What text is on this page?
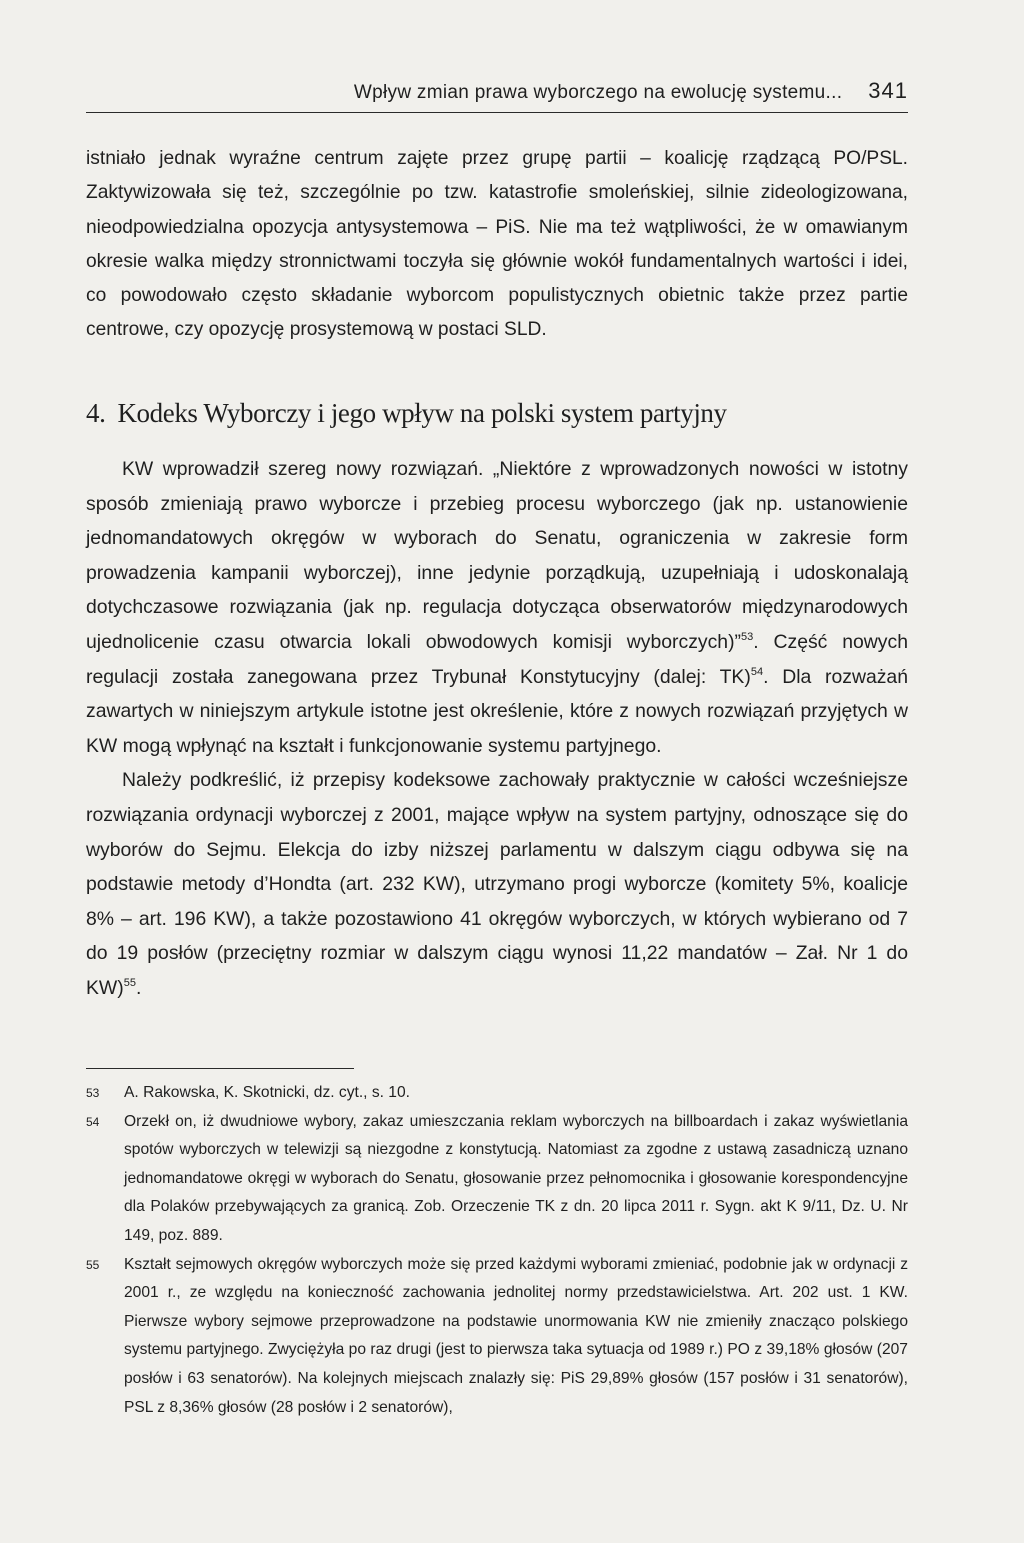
Wpływ zmian prawa wyborczego na ewolucję systemu... 341

istniało jednak wyraźne centrum zajęte przez grupę partii – koalicję rządzącą PO/PSL. Zaktywizowała się też, szczególnie po tzw. katastrofie smoleńskiej, silnie zideologizowana, nieodpowiedzialna opozycja antysystemowa – PiS. Nie ma też wątpliwości, że w omawianym okresie walka między stronnictwami toczyła się głównie wokół fundamentalnych wartości i idei, co powodowało często składanie wyborcom populistycznych obietnic także przez partie centrowe, czy opozycję prosystemową w postaci SLD.

4. Kodeks Wyborczy i jego wpływ na polski system partyjny

KW wprowadził szereg nowy rozwiązań. „Niektóre z wprowadzonych nowości w istotny sposób zmieniają prawo wyborcze i przebieg procesu wyborczego (jak np. ustanowienie jednomandatowych okręgów w wyborach do Senatu, ograniczenia w zakresie form prowadzenia kampanii wyborczej), inne jedynie porządkują, uzupełniają i udoskonalają dotychczasowe rozwiązania (jak np. regulacja dotycząca obserwatorów międzynarodowych ujednolicenie czasu otwarcia lokali obwodowych komisji wyborczych)”$^{53}$. Część nowych regulacji została zanegowana przez Trybunał Konstytucyjny (dalej: TK)$^{54}$. Dla rozważań zawartych w niniejszym artykule istotne jest określenie, które z nowych rozwiązań przyjętych w KW mogą wpłynąć na kształt i funkcjonowanie systemu partyjnego.

Należy podkreślić, iż przepisy kodeksowe zachowały praktycznie w całości wcześniejsze rozwiązania ordynacji wyborczej z 2001, mające wpływ na system partyjny, odnoszące się do wyborów do Sejmu. Elekcja do izby niższej parlamentu w dalszym ciągu odbywa się na podstawie metody d’Hondta (art. 232 KW), utrzymano progi wyborcze (komitety 5%, koalicje 8% – art. 196 KW), a także pozostawiono 41 okręgów wyborczych, w których wybierano od 7 do 19 posłów (przeciętny rozmiar w dalszym ciągu wynosi 11,22 mandatów – Zał. Nr 1 do KW)$^{55}$.

53 A. Rakowska, K. Skotnicki, dz. cyt., s. 10.

54 Orzekł on, iż dwudniowe wybory, zakaz umieszczania reklam wyborczych na billboardach i zakaz wyświetlania spotów wyborczych w telewizji są niezgodne z konstytucją. Natomiast za zgodne z ustawą zasadniczą uznano jednomandatowe okręgi w wyborach do Senatu, głosowanie przez pełnomocnika i głosowanie korespondencyjne dla Polaków przebywających za granicą. Zob. Orzeczenie TK z dn. 20 lipca 2011 r. Sygn. akt K 9/11, Dz. U. Nr 149, poz. 889.

55 Kształt sejmowych okręgów wyborczych może się przed każdymi wyborami zmieniać, podobnie jak w ordynacji z 2001 r., ze względu na konieczność zachowania jednolitej normy przedstawicielstwa. Art. 202 ust. 1 KW. Pierwsze wybory sejmowe przeprowadzone na podstawie unormowania KW nie zmieniły znacząco polskiego systemu partyjnego. Zwyciężyła po raz drugi (jest to pierwsza taka sytuacja od 1989 r.) PO z 39,18% głosów (207 posłów i 63 senatorów). Na kolejnych miejscach znalazły się: PiS 29,89% głosów (157 posłów i 31 senatorów), PSL z 8,36% głosów (28 posłów i 2 senatorów),
